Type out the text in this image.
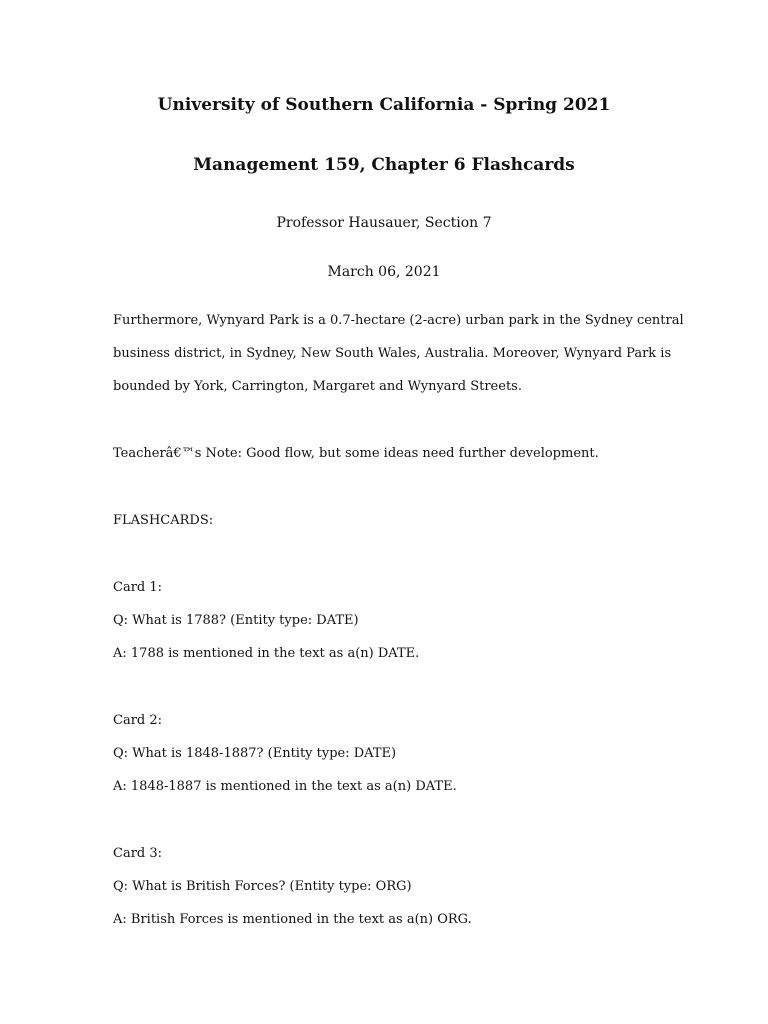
University of Southern California - Spring 2021
Management 159, Chapter 6 Flashcards
Professor Hausauer, Section 7
March 06, 2021
Furthermore, Wynyard Park is a 0.7-hectare (2-acre) urban park in the Sydney central
business district, in Sydney, New South Wales, Australia. Moreover, Wynyard Park is
bounded by York, Carrington, Margaret and Wynyard Streets.
Teacherâ€™s Note: Good flow, but some ideas need further development.
FLASHCARDS:
Card 1:
Q: What is 1788? (Entity type: DATE)
A: 1788 is mentioned in the text as a(n) DATE.
Card 2:
Q: What is 1848-1887? (Entity type: DATE)
A: 1848-1887 is mentioned in the text as a(n) DATE.
Card 3:
Q: What is British Forces? (Entity type: ORG)
A: British Forces is mentioned in the text as a(n) ORG.
